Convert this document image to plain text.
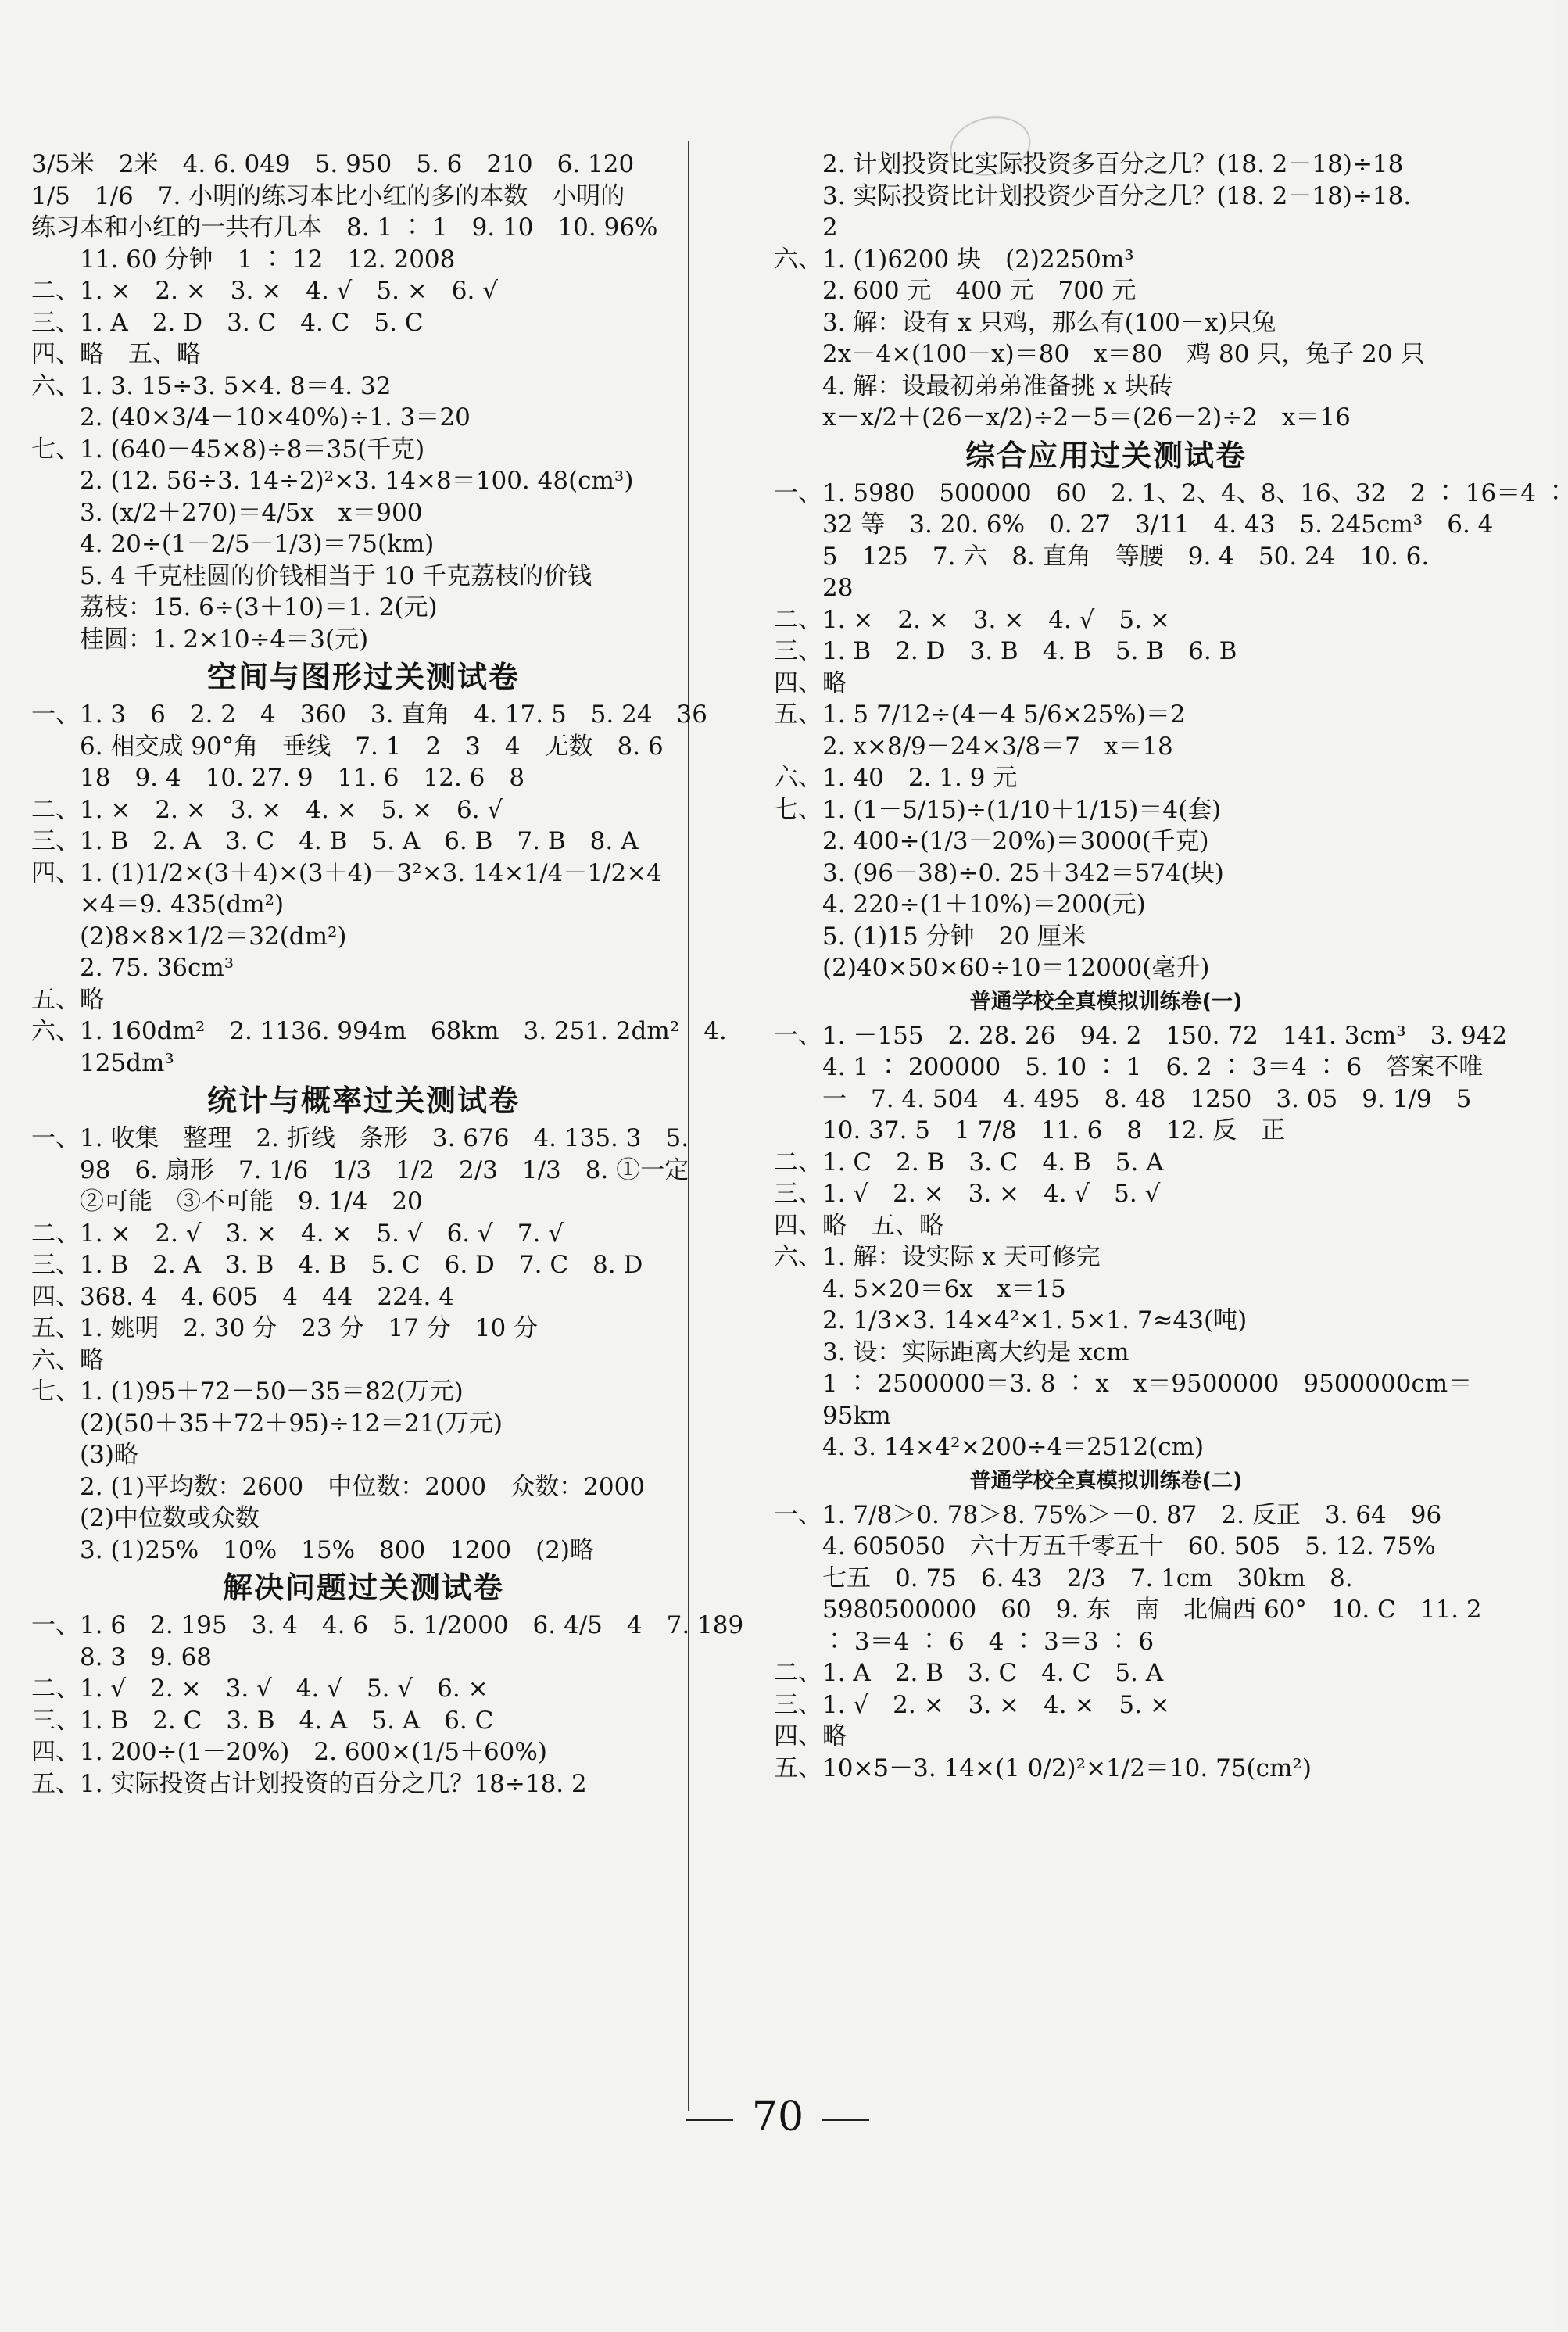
3/5米　2米　4. 6. 049　5. 950　5. 6　210　6. 120

1/5　1/6　7. 小明的练习本比小红的多的本数　小明的

练习本和小红的一共有几本　8. 1 ∶ 1　9. 10　10. 96%

　　11. 60 分钟　1 ∶ 12　12. 2008

二、1. ×　2. ×　3. ×　4. √　5. ×　6. √

三、1. A　2. D　3. C　4. C　5. C

四、略　五、略

六、1. 3. 15÷3. 5×4. 8＝4. 32

　　2. (40×3/4－10×40%)÷1. 3＝20

七、1. (640－45×8)÷8＝35(千克)

　　2. (12. 56÷3. 14÷2)²×3. 14×8＝100. 48(cm³)

　　3. (x/2＋270)＝4/5x　x＝900

　　4. 20÷(1－2/5－1/3)＝75(km)

　　5. 4 千克桂圆的价钱相当于 10 千克荔枝的价钱

　　荔枝：15. 6÷(3＋10)＝1. 2(元)

　　桂圆：1. 2×10÷4＝3(元)

空间与图形过关测试卷

一、1. 3　6　2. 2　4　360　3. 直角　4. 17. 5　5. 24　36

　　6. 相交成 90°角　垂线　7. 1　2　3　4　无数　8. 6

　　18　9. 4　10. 27. 9　11. 6　12. 6　8

二、1. ×　2. ×　3. ×　4. ×　5. ×　6. √

三、1. B　2. A　3. C　4. B　5. A　6. B　7. B　8. A

四、1. (1)1/2×(3＋4)×(3＋4)－3²×3. 14×1/4－1/2×4

　　×4＝9. 435(dm²)

　　(2)8×8×1/2＝32(dm²)

　　2. 75. 36cm³

五、略

六、1. 160dm²　2. 1136. 994m　68km　3. 251. 2dm²　4.

　　125dm³

统计与概率过关测试卷

一、1. 收集　整理　2. 折线　条形　3. 676　4. 135. 3　5.

　　98　6. 扇形　7. 1/6　1/3　1/2　2/3　1/3　8. ①一定

　　②可能　③不可能　9. 1/4　20

二、1. ×　2. √　3. ×　4. ×　5. √　6. √　7. √

三、1. B　2. A　3. B　4. B　5. C　6. D　7. C　8. D

四、368. 4　4. 605　4　44　224. 4

五、1. 姚明　2. 30 分　23 分　17 分　10 分

六、略

七、1. (1)95＋72－50－35＝82(万元)

　　(2)(50＋35＋72＋95)÷12＝21(万元)

　　(3)略

　　2. (1)平均数：2600　中位数：2000　众数：2000

　　(2)中位数或众数

　　3. (1)25%　10%　15%　800　1200　(2)略

解决问题过关测试卷

一、1. 6　2. 195　3. 4　4. 6　5. 1/2000　6. 4/5　4　7. 189

　　8. 3　9. 68

二、1. √　2. ×　3. √　4. √　5. √　6. ×

三、1. B　2. C　3. B　4. A　5. A　6. C

四、1. 200÷(1－20%)　2. 600×(1/5＋60%)

五、1. 实际投资占计划投资的百分之几？18÷18. 2

　　2. 计划投资比实际投资多百分之几？(18. 2－18)÷18

　　3. 实际投资比计划投资少百分之几？(18. 2－18)÷18.

　　2

六、1. (1)6200 块　(2)2250m³

　　2. 600 元　400 元　700 元

　　3. 解：设有 x 只鸡，那么有(100－x)只兔

　　2x－4×(100－x)＝80　x＝80　鸡 80 只，兔子 20 只

　　4. 解：设最初弟弟准备挑 x 块砖

　　x－x/2＋(26－x/2)÷2－5＝(26－2)÷2　x＝16

综合应用过关测试卷

一、1. 5980　500000　60　2. 1、2、4、8、16、32　2 ∶ 16＝4 ∶

　　32 等　3. 20. 6%　0. 2̇7̇　3/11　4. 43　5. 245cm³　6. 4

　　5　125　7. 六　8. 直角　等腰　9. 4　50. 24　10. 6.

　　28

二、1. ×　2. ×　3. ×　4. √　5. ×

三、1. B　2. D　3. B　4. B　5. B　6. B

四、略

五、1. 5 7/12÷(4－4 5/6×25%)＝2

　　2. x×8/9－24×3/8＝7　x＝18

六、1. 40　2. 1. 9 元

七、1. (1－5/15)÷(1/10＋1/15)＝4(套)

　　2. 400÷(1/3－20%)＝3000(千克)

　　3. (96－38)÷0. 25＋342＝574(块)

　　4. 220÷(1＋10%)＝200(元)

　　5. (1)15 分钟　20 厘米

　　(2)40×50×60÷10＝12000(毫升)

普通学校全真模拟训练卷(一)

一、1. －155　2. 28. 26　94. 2　150. 72　141. 3cm³　3. 942

　　4. 1 ∶ 200000　5. 10 ∶ 1　6. 2 ∶ 3＝4 ∶ 6　答案不唯

　　一　7. 4. 504　4. 495　8. 48　1250　3. 05　9. 1/9　5

　　10. 37. 5　1 7/8　11. 6　8　12. 反　正

二、1. C　2. B　3. C　4. B　5. A

三、1. √　2. ×　3. ×　4. √　5. √

四、略　五、略

六、1. 解：设实际 x 天可修完

　　4. 5×20＝6x　x＝15

　　2. 1/3×3. 14×4²×1. 5×1. 7≈43(吨)

　　3. 设：实际距离大约是 xcm

　　1 ∶ 2500000＝3. 8 ∶ x　x＝9500000　9500000cm＝

　　95km

　　4. 3. 14×4²×200÷4＝2512(cm)

普通学校全真模拟训练卷(二)

一、1. 7/8＞0. 78＞8. 75%＞－0. 87　2. 反正　3. 64　96

　　4. 605050　六十万五千零五十　60. 505　5. 12. 75%

　　七五　0. 75　6. 43　2/3　7. 1cm　30km　8.

　　5980500000　60　9. 东　南　北偏西 60°　10. C　11. 2

　　∶ 3＝4 ∶ 6　4 ∶ 3＝3 ∶ 6

二、1. A　2. B　3. C　4. C　5. A

三、1. √　2. ×　3. ×　4. ×　5. ×

四、略

五、10×5－3. 14×(1 0/2)²×1/2＝10. 75(cm²)

70
